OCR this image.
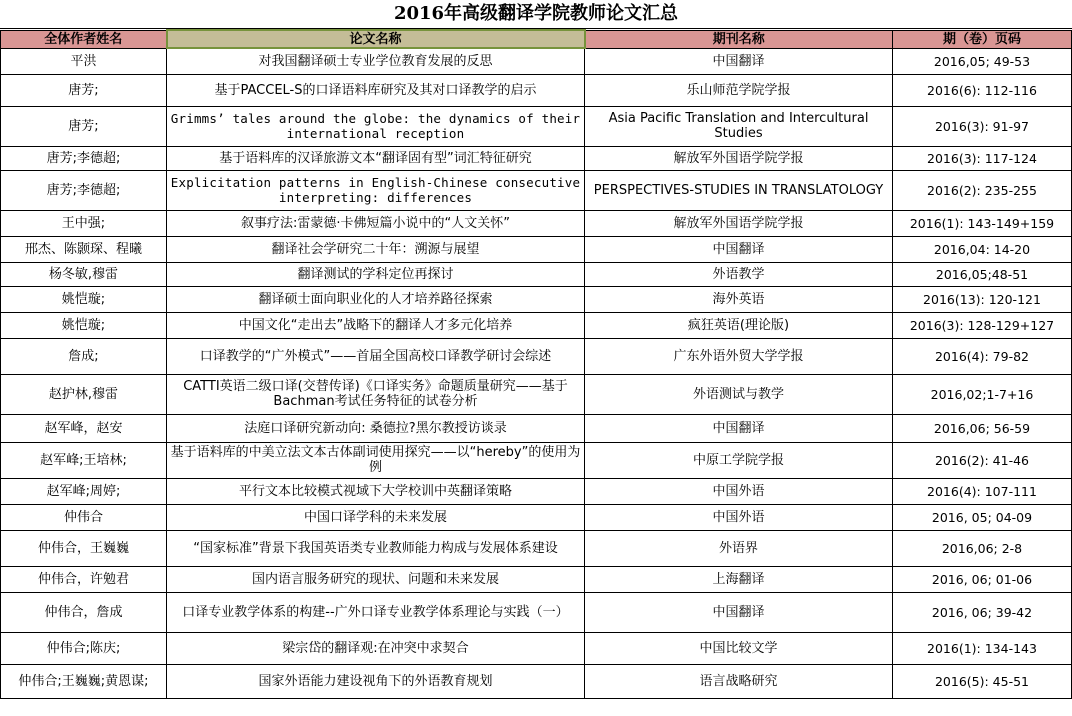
2016年高级翻译学院教师论文汇总
全体作者姓名	论文名称	期刊名称	期（卷）页码
平洪	对我国翻译硕士专业学位教育发展的反思	中国翻译	2016,05; 49-53
唐芳;	基于PACCEL-S的口译语料库研究及其对口译教学的启示	乐山师范学院学报	2016(6): 112-116
唐芳;	Grimms’ tales around the globe: the dynamics of their international reception	Asia Pacific Translation and Intercultural Studies	2016(3): 91-97
唐芳;李德超;	基于语料库的汉译旅游文本“翻译固有型”词汇特征研究	解放军外国语学院学报	2016(3): 117-124
唐芳;李德超;	Explicitation patterns in English-Chinese consecutive interpreting: differences	PERSPECTIVES-STUDIES IN TRANSLATOLOGY	2016(2): 235-255
王中强;	叙事疗法:雷蒙德·卡佛短篇小说中的“人文关怀”	解放军外国语学院学报	2016(1): 143-149+159
邢杰、陈颢琛、程曦	翻译社会学研究二十年：溯源与展望	中国翻译	2016,04: 14-20
杨冬敏,穆雷	翻译测试的学科定位再探讨	外语教学	2016,05;48-51
姚恺璇;	翻译硕士面向职业化的人才培养路径探索	海外英语	2016(13): 120-121
姚恺璇;	中国文化“走出去”战略下的翻译人才多元化培养	疯狂英语(理论版)	2016(3): 128-129+127
詹成;	口译教学的“广外模式”——首届全国高校口译教学研讨会综述	广东外语外贸大学学报	2016(4): 79-82
赵护林,穆雷	CATTI英语二级口译(交替传译)《口译实务》命题质量研究——基于Bachman考试任务特征的试卷分析	外语测试与教学	2016,02;1-7+16
赵军峰，赵安	法庭口译研究新动向: 桑德拉?黑尔教授访谈录	中国翻译	2016,06; 56-59
赵军峰;王培林;	基于语料库的中美立法文本古体副词使用探究——以“hereby”的使用为例	中原工学院学报	2016(2): 41-46
赵军峰;周婷;	平行文本比较模式视域下大学校训中英翻译策略	中国外语	2016(4): 107-111
仲伟合	中国口译学科的未来发展	中国外语	2016, 05; 04-09
仲伟合，王巍巍	“国家标准”背景下我国英语类专业教师能力构成与发展体系建设	外语界	2016,06; 2-8
仲伟合，许勉君	国内语言服务研究的现状、问题和未来发展	上海翻译	2016, 06; 01-06
仲伟合，詹成	口译专业教学体系的构建--广外口译专业教学体系理论与实践（一）	中国翻译	2016, 06; 39-42
仲伟合;陈庆;	梁宗岱的翻译观:在冲突中求契合	中国比较文学	2016(1): 134-143
仲伟合;王巍巍;黄恩谋;	国家外语能力建设视角下的外语教育规划	语言战略研究	2016(5): 45-51
